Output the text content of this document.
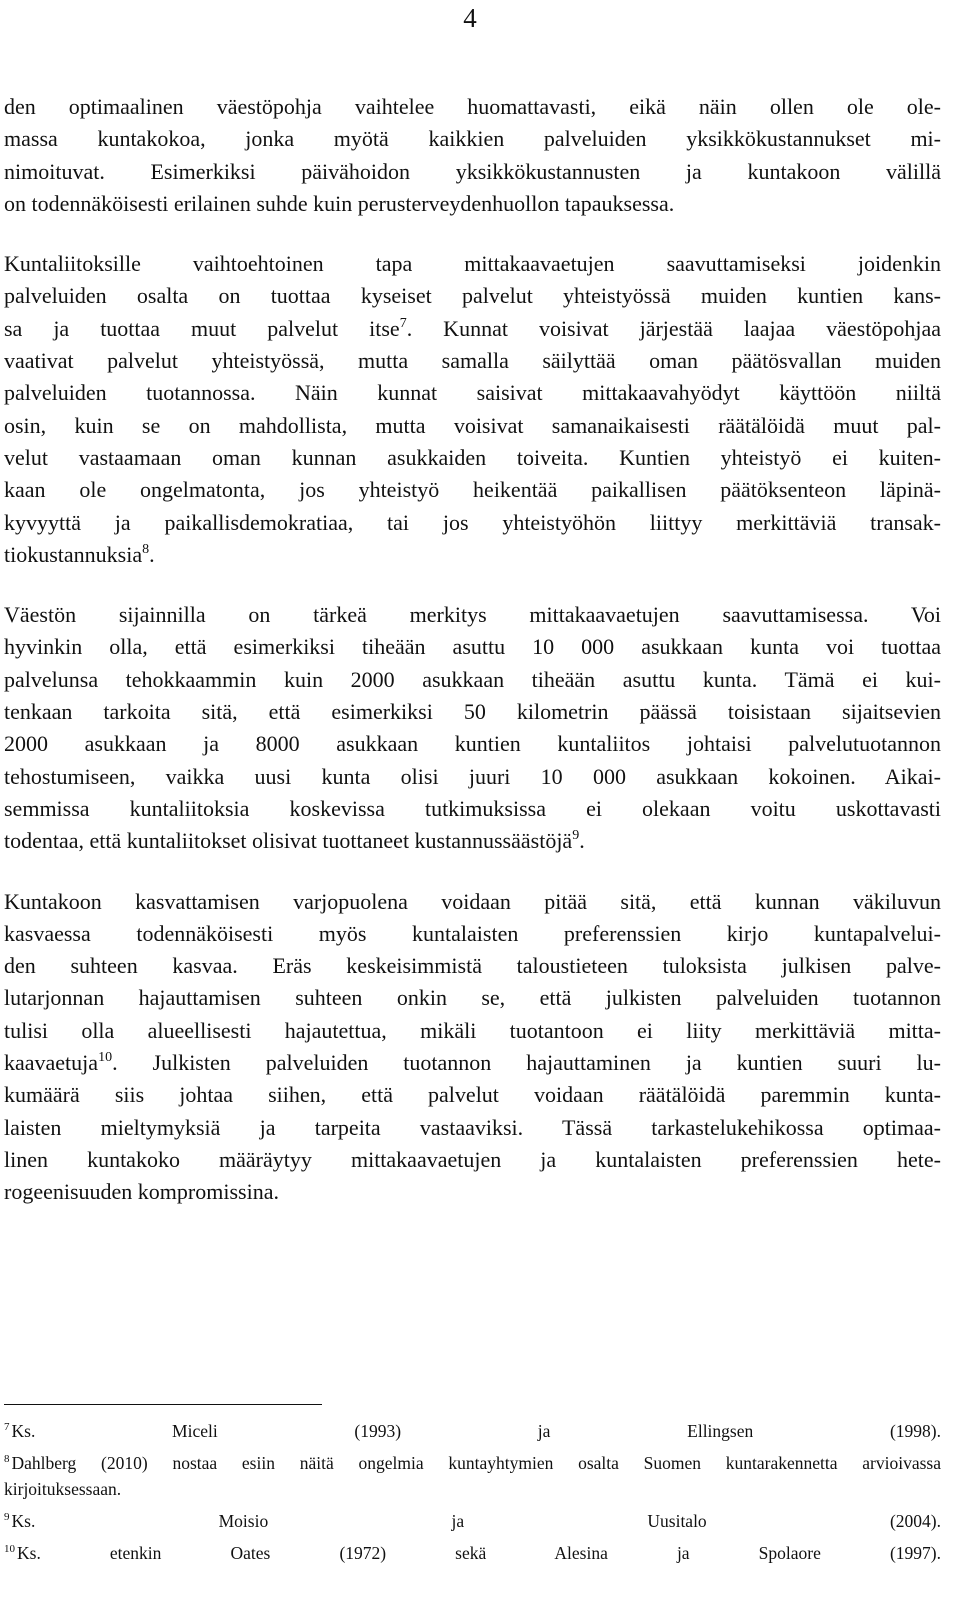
4
den optimaalinen väestöpohja vaihtelee huomattavasti, eikä näin ollen ole ole-
massa kuntakokoa, jonka myötä kaikkien palveluiden yksikkökustannukset mi-
nimoituvat. Esimerkiksi päivähoidon yksikkökustannusten ja kuntakoon välillä
on todennäköisesti erilainen suhde kuin perusterveydenhuollon tapauksessa.
Kuntaliitoksille vaihtoehtoinen tapa mittakaavaetujen saavuttamiseksi joidenkin
palveluiden osalta on tuottaa kyseiset palvelut yhteistyössä muiden kuntien kans-
sa ja tuottaa muut palvelut itse$^7$. Kunnat voisivat järjestää laajaa väestöpohjaa
vaativat palvelut yhteistyössä, mutta samalla säilyttää oman päätösvallan muiden
palveluiden tuotannossa. Näin kunnat saisivat mittakaavahyödyt käyttöön niiltä
osin, kuin se on mahdollista, mutta voisivat samanaikaisesti räätälöidä muut pal-
velut vastaamaan oman kunnan asukkaiden toiveita. Kuntien yhteistyö ei kuiten-
kaan ole ongelmatonta, jos yhteistyö heikentää paikallisen päätöksenteon läpinä-
kyvyyttä ja paikallisdemokratiaa, tai jos yhteistyöhön liittyy merkittäviä transak-
tiokustannuksia$^8$.
Väestön sijainnilla on tärkeä merkitys mittakaavaetujen saavuttamisessa. Voi
hyvinkin olla, että esimerkiksi tiheään asuttu 10 000 asukkaan kunta voi tuottaa
palvelunsa tehokkaammin kuin 2000 asukkaan tiheään asuttu kunta. Tämä ei kui-
tenkaan tarkoita sitä, että esimerkiksi 50 kilometrin päässä toisistaan sijaitsevien
2000 asukkaan ja 8000 asukkaan kuntien kuntaliitos johtaisi palvelutuotannon
tehostumiseen, vaikka uusi kunta olisi juuri 10 000 asukkaan kokoinen. Aikai-
semmissa kuntaliitoksia koskevissa tutkimuksissa ei olekaan voitu uskottavasti
todentaa, että kuntaliitokset olisivat tuottaneet kustannussäästöjä$^9$.
Kuntakoon kasvattamisen varjopuolena voidaan pitää sitä, että kunnan väkiluvun
kasvaessa todennäköisesti myös kuntalaisten preferenssien kirjo kuntapalvelui-
den suhteen kasvaa. Eräs keskeisimmistä taloustieteen tuloksista julkisen palve-
lutarjonnan hajauttamisen suhteen onkin se, että julkisten palveluiden tuotannon
tulisi olla alueellisesti hajautettua, mikäli tuotantoon ei liity merkittäviä mitta-
kaavaetuja$^{10}$. Julkisten palveluiden tuotannon hajauttaminen ja kuntien suuri lu-
kumäärä siis johtaa siihen, että palvelut voidaan räätälöidä paremmin kunta-
laisten mieltymyksiä ja tarpeita vastaaviksi. Tässä tarkastelukehikossa optimaa-
linen kuntakoko määräytyy mittakaavaetujen ja kuntalaisten preferenssien hete-
rogeenisuuden kompromissina.
$^7$ Ks. Miceli (1993) ja Ellingsen (1998).
$^8$ Dahlberg (2010) nostaa esiin näitä ongelmia kuntayhtymien osalta Suomen kuntarakennetta arvioivassa
kirjoituksessaan.
$^9$ Ks. Moisio ja Uusitalo (2004).
$^{10}$ Ks. etenkin Oates (1972) sekä Alesina ja Spolaore (1997).
